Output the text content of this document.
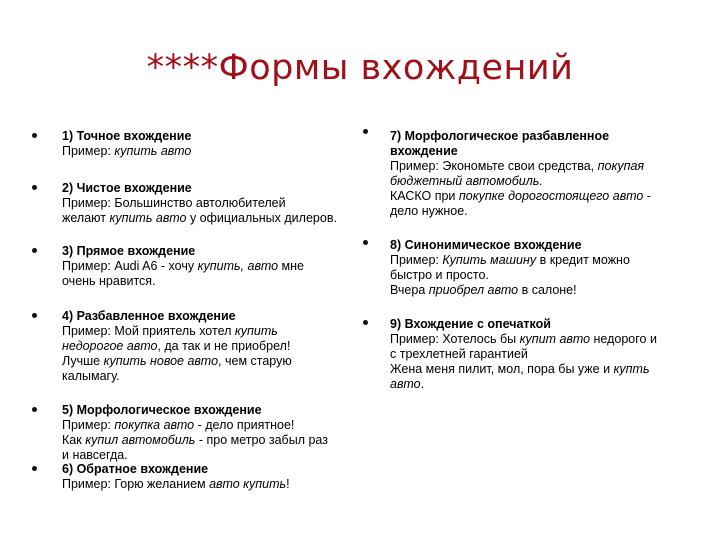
****Формы вхождений
1) Точное вхождение
Пример: купить авто
2) Чистое вхождение
Пример: Большинство автолюбителей
желают купить авто у официальных дилеров.
3) Прямое вхождение
Пример: Audi A6 - хочу купить, авто мне
очень нравится.
4) Разбавленное вхождение
Пример: Мой приятель хотел купить
недорогое авто, да так и не приобрел!
Лучше купить новое авто, чем старую
калымагу.
5) Морфологическое вхождение
Пример: покупка авто - дело приятное!
Как купил автомобиль - про метро забыл раз
и навсегда.
6) Обратное вхождение
Пример: Горю желанием авто купить!
7) Морфологическое разбавленное
вхождение
Пример: Экономьте свои средства, покупая
бюджетный автомобиль.
КАСКО при покупке дорогостоящего авто -
дело нужное.
8) Синонимическое вхождение
Пример: Купить машину в кредит можно
быстро и просто.
Вчера приобрел авто в салоне!
9) Вхождение с опечаткой
Пример: Хотелось бы купит авто недорого и
с трехлетней гарантией
Жена меня пилит, мол, пора бы уже и купть
авто.
